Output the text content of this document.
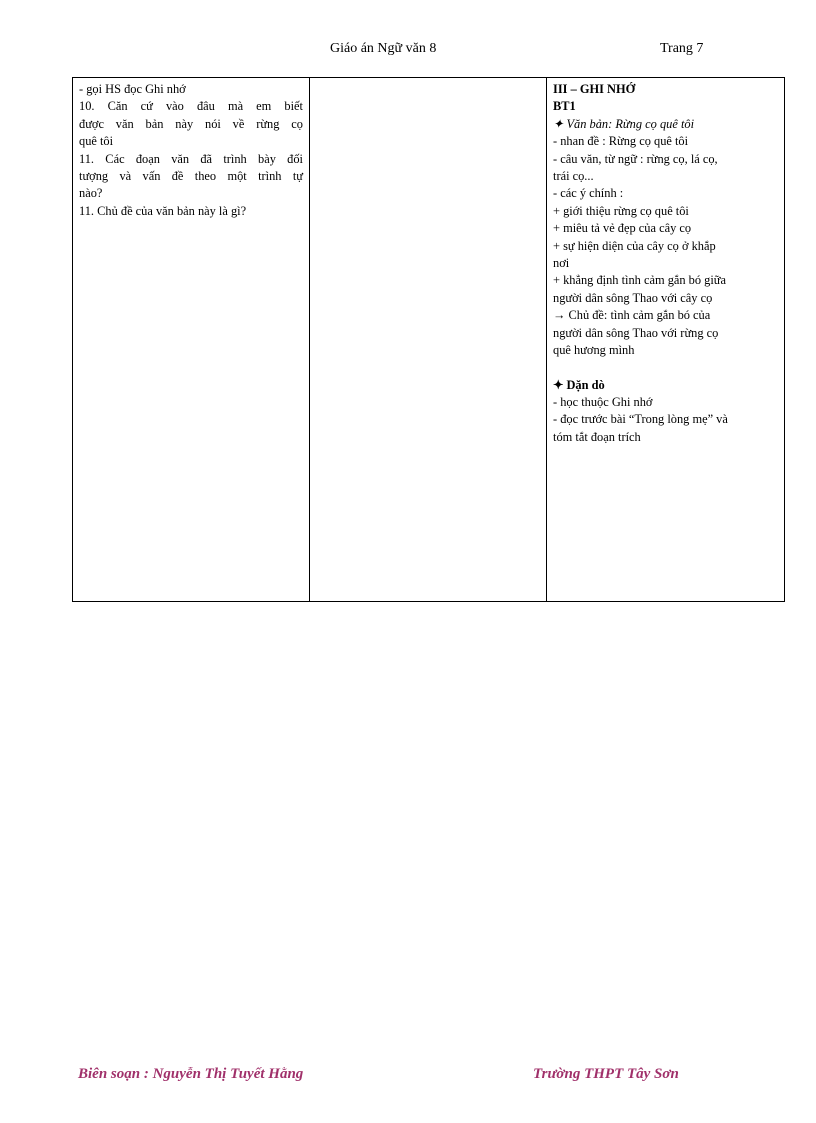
Giáo án Ngữ văn 8	Trang 7
- gọi HS đọc Ghi nhớ
10. Căn cứ vào đâu mà em biết
được văn bản này nói về rừng cọ
quê tôi
11. Các đoạn văn đã trình bày đối
tượng và vấn đề theo một trình tự
nào?
11. Chủ đề của văn bản này là gì?

III – GHI NHỚ
BT1
✦ Văn bản: Rừng cọ quê tôi
- nhan đề : Rừng cọ quê tôi
- câu văn, từ ngữ : rừng cọ, lá cọ,
trái cọ...
- các ý chính :
+ giới thiệu rừng cọ quê tôi
+ miêu tả vẻ đẹp của cây cọ
+ sự hiện diện của cây cọ ở khắp
nơi
+ khẳng định tình cảm gắn bó giữa
người dân sông Thao với cây cọ
→ Chủ đề: tình cảm gắn bó của
người dân sông Thao với rừng cọ
quê hương mình
✦ Dặn dò
- học thuộc Ghi nhớ
- đọc trước bài “Trong lòng mẹ” và
tóm tắt đoạn trích
Biên soạn : Nguyễn Thị Tuyết Hằng	Trường THPT Tây Sơn
